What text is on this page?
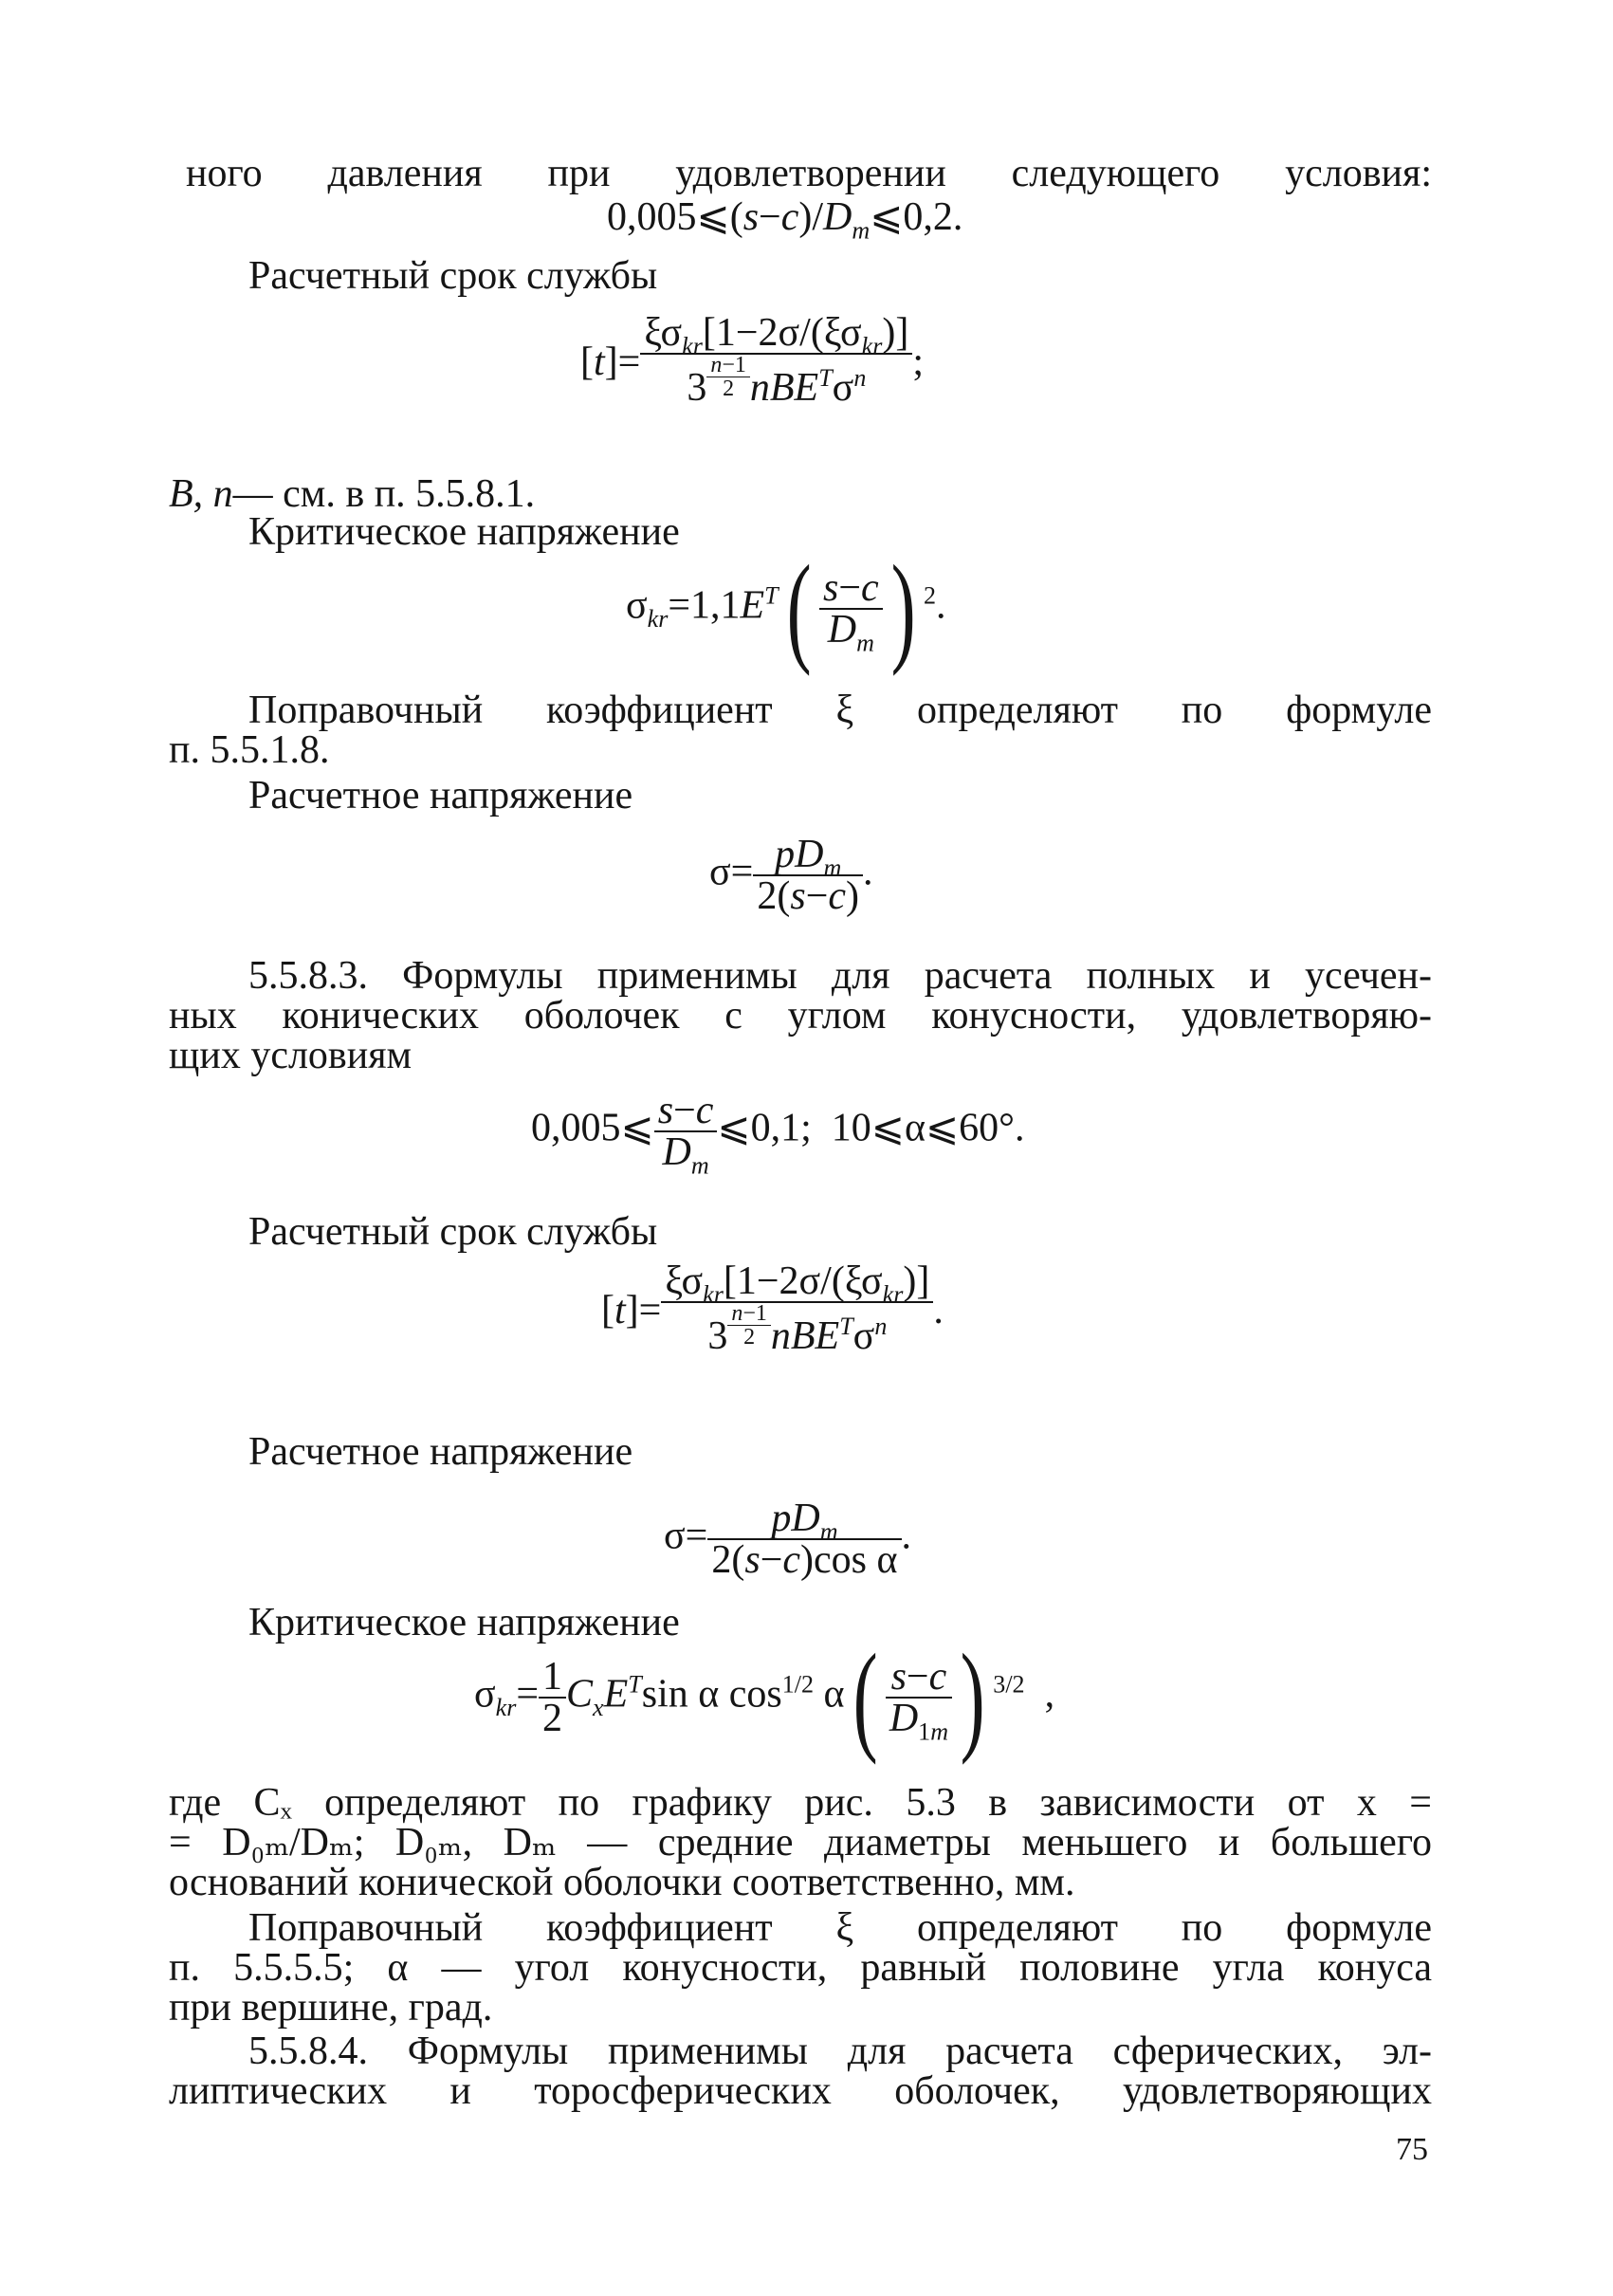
ного давления при удовлетворении следующего условия:
$0,005⩽(s-c)/D_m⩽0,2$.
Расчетный срок службы
$[t]= \xi\sigma_{kr}[1-2\sigma/(\xi\sigma_{kr})]$
3 $^{\frac{n-1}{2}}$ $nBE^T\sigma^n$ ;
B, n— см. в п. 5.5.8.1.
Критическое напряжение
$\sigma_{kr}=1,1E^T( \frac{s-c}{D_m}$ ) $^2$.
Поправочный коэффициент ξ определяют по формуле
п. 5.5.1.8.
Расчетное напряжение
$\sigma= \frac{pD_m}{2(s-c)}$ .
5.5.8.3. Формулы применимы для расчета полных и усечен-
ных конических оболочек с углом конусности, удовлетворяю-
щих условиям
0,005⩽ $\frac{s-c}{D_m}$ ⩽0,1;  10⩽α⩽60°.
Расчетный срок службы
$[t]= \xi\sigma_{kr}[1-2\sigma/(\xi\sigma_{kr})]$
3 $^{\frac{n-1}{2}}$ $nBE^T\sigma^n$ .
Расчетное напряжение
$\sigma= \frac{pD_m}{\text{2(s−c)cos α}}$ .
Критическое напряжение
$\sigma_{kr}= \frac{1}{2} C_xE^T\sin$ α $\cos^{1/2} \alpha( \frac{s-c}{D_{1m}}$ ) $^{3/2}$  ,
где Cₓ определяют по графику рис. 5.3 в зависимости от x =
= D₀ₘ/Dₘ; D₀ₘ, Dₘ — средние диаметры меньшего и большего
оснований конической оболочки соответственно, мм.
Поправочный коэффициент ξ определяют по формуле
п. 5.5.5.5; α — угол конусности, равный половине угла конуса
при вершине, град.
5.5.8.4. Формулы применимы для расчета сферических, эл-
липтических и торосферических оболочек, удовлетворяющих
75
